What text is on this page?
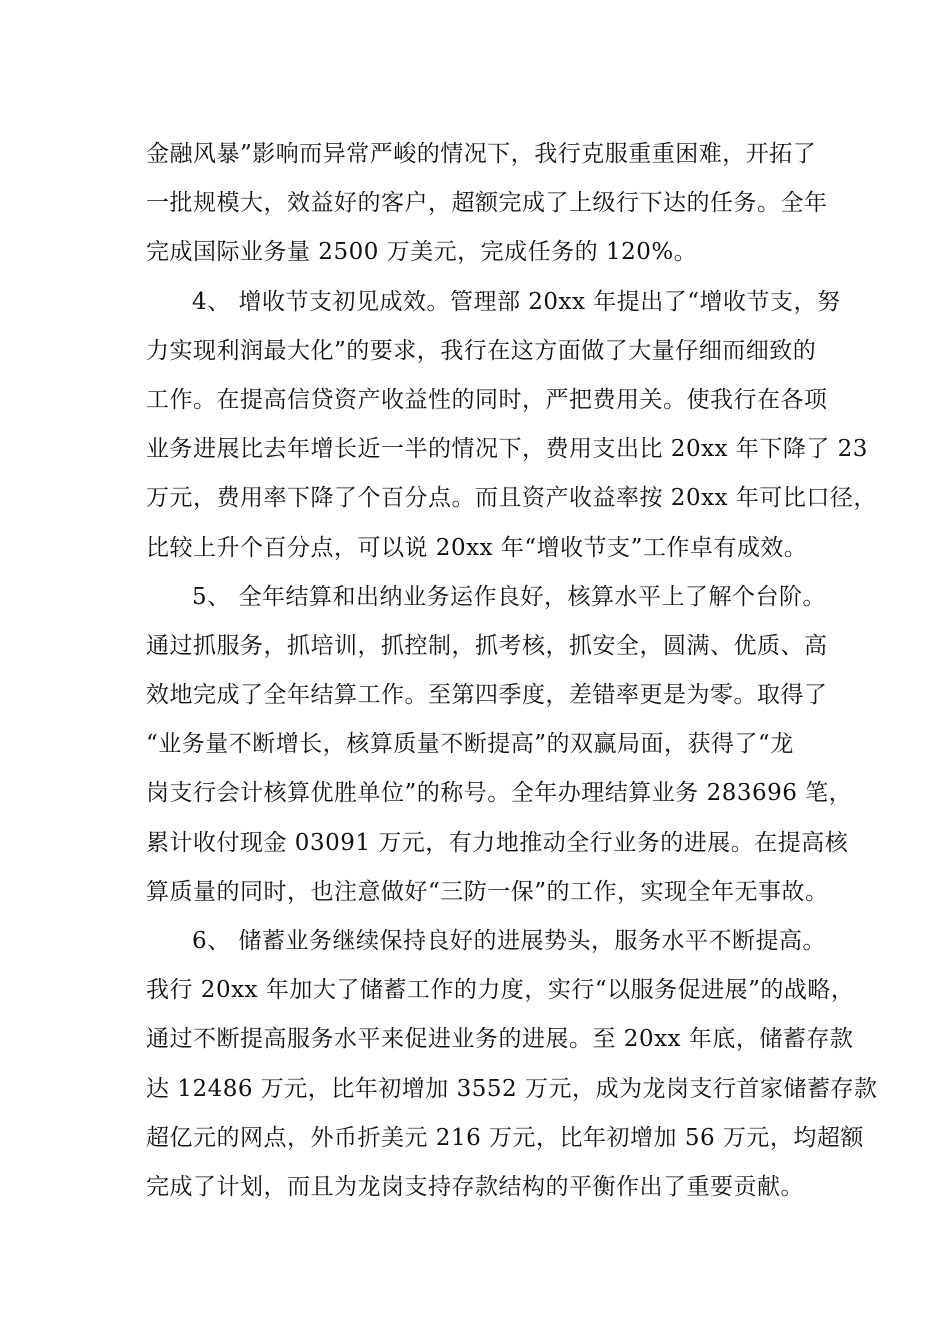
金融风暴”影响而异常严峻的情况下，我行克服重重困难，开拓了
一批规模大，效益好的客户，超额完成了上级行下达的任务。全年
完成国际业务量 2500 万美元，完成任务的 120%。
4、 增收节支初见成效。管理部 20xx 年提出了“增收节支，努
力实现利润最大化”的要求，我行在这方面做了大量仔细而细致的
工作。在提高信贷资产收益性的同时，严把费用关。使我行在各项
业务进展比去年增长近一半的情况下，费用支出比 20xx 年下降了 23
万元，费用率下降了个百分点。而且资产收益率按 20xx 年可比口径，
比较上升个百分点，可以说 20xx 年“增收节支”工作卓有成效。
5、 全年结算和出纳业务运作良好，核算水平上了解个台阶。
通过抓服务，抓培训，抓控制，抓考核，抓安全，圆满、优质、高
效地完成了全年结算工作。至第四季度，差错率更是为零。取得了
“业务量不断增长，核算质量不断提高”的双赢局面，获得了“龙
岗支行会计核算优胜单位”的称号。全年办理结算业务 283696 笔，
累计收付现金 03091 万元，有力地推动全行业务的进展。在提高核
算质量的同时，也注意做好“三防一保”的工作，实现全年无事故。
6、 储蓄业务继续保持良好的进展势头，服务水平不断提高。
我行 20xx 年加大了储蓄工作的力度，实行“以服务促进展”的战略，
通过不断提高服务水平来促进业务的进展。至 20xx 年底，储蓄存款
达 12486 万元，比年初增加 3552 万元，成为龙岗支行首家储蓄存款
超亿元的网点，外币折美元 216 万元，比年初增加 56 万元，均超额
完成了计划，而且为龙岗支持存款结构的平衡作出了重要贡献。
